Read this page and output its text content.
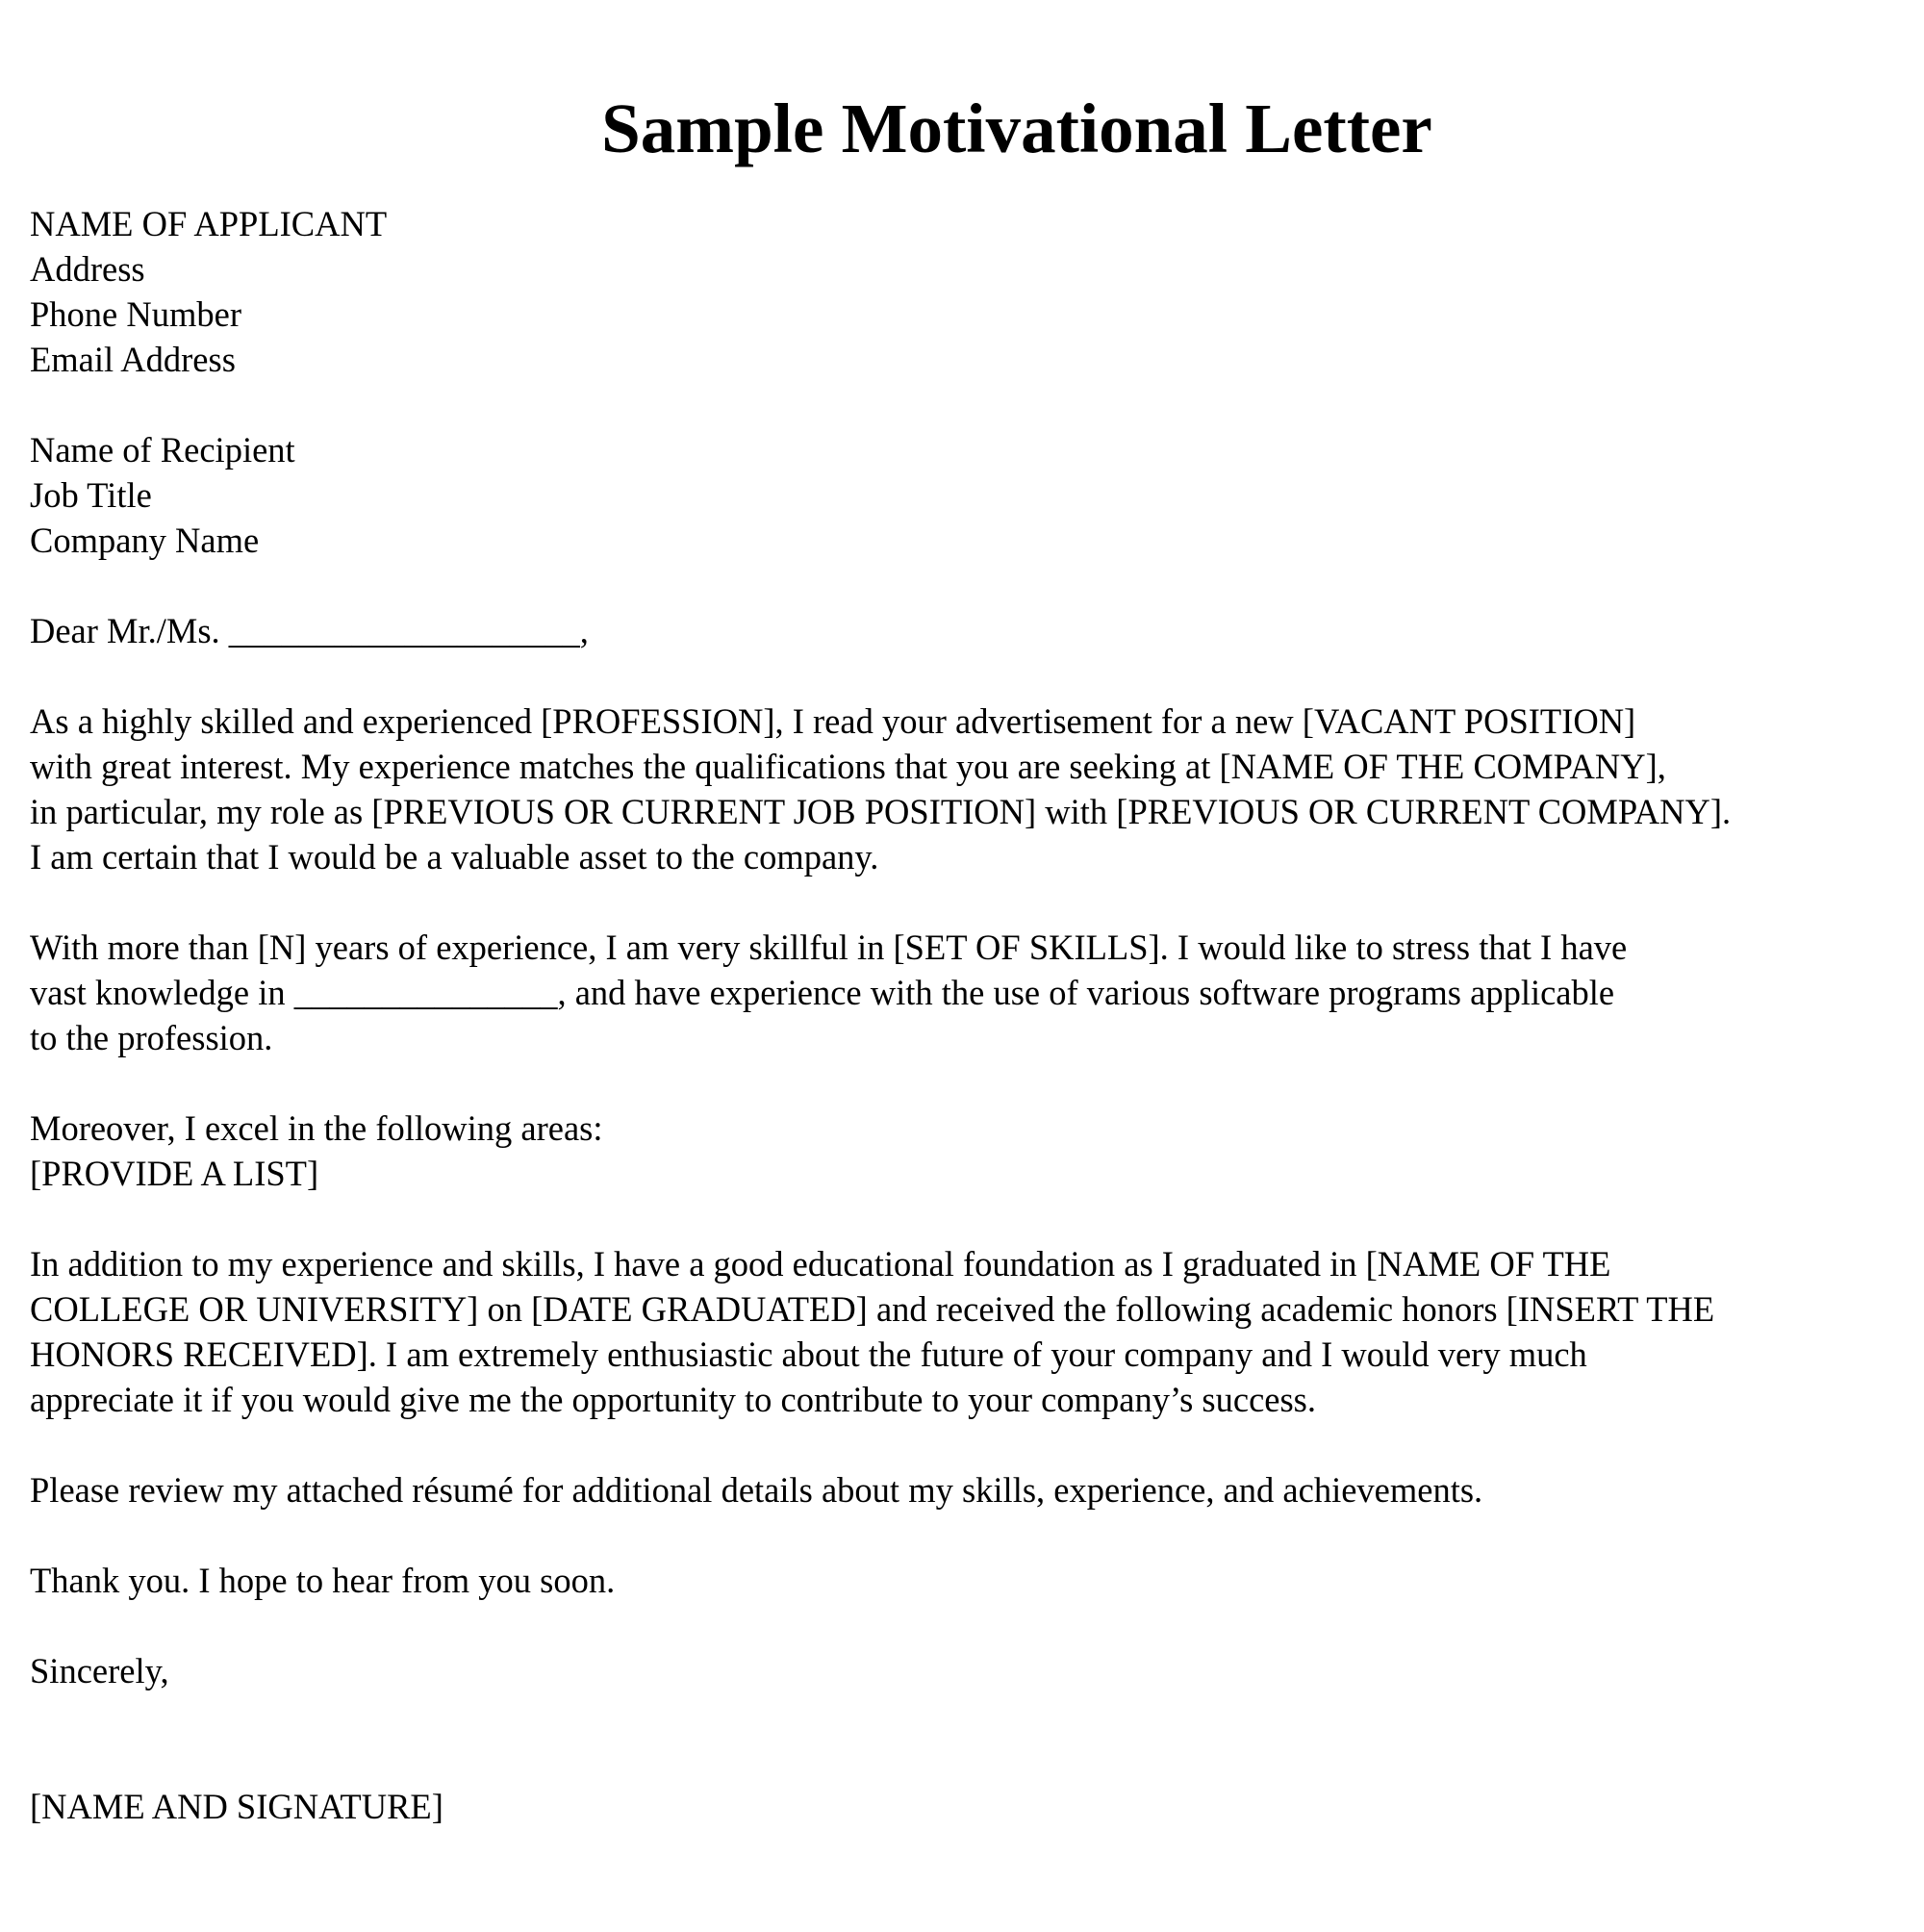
Sample Motivational Letter
NAME OF APPLICANT
Address
Phone Number
Email Address
Name of Recipient
Job Title
Company Name
Dear Mr./Ms. ____________________,
As a highly skilled and experienced [PROFESSION], I read your advertisement for a new [VACANT POSITION]
with great interest. My experience matches the qualifications that you are seeking at [NAME OF THE COMPANY],
in particular, my role as [PREVIOUS OR CURRENT JOB POSITION] with [PREVIOUS OR CURRENT COMPANY].
I am certain that I would be a valuable asset to the company.
With more than [N] years of experience, I am very skillful in [SET OF SKILLS]. I would like to stress that I have
vast knowledge in _______________, and have experience with the use of various software programs applicable
to the profession.
Moreover, I excel in the following areas:
[PROVIDE A LIST]
In addition to my experience and skills, I have a good educational foundation as I graduated in [NAME OF THE
COLLEGE OR UNIVERSITY] on [DATE GRADUATED] and received the following academic honors [INSERT THE
HONORS RECEIVED]. I am extremely enthusiastic about the future of your company and I would very much
appreciate it if you would give me the opportunity to contribute to your company’s success.
Please review my attached résumé for additional details about my skills, experience, and achievements.
Thank you. I hope to hear from you soon.
Sincerely,
[NAME AND SIGNATURE]
